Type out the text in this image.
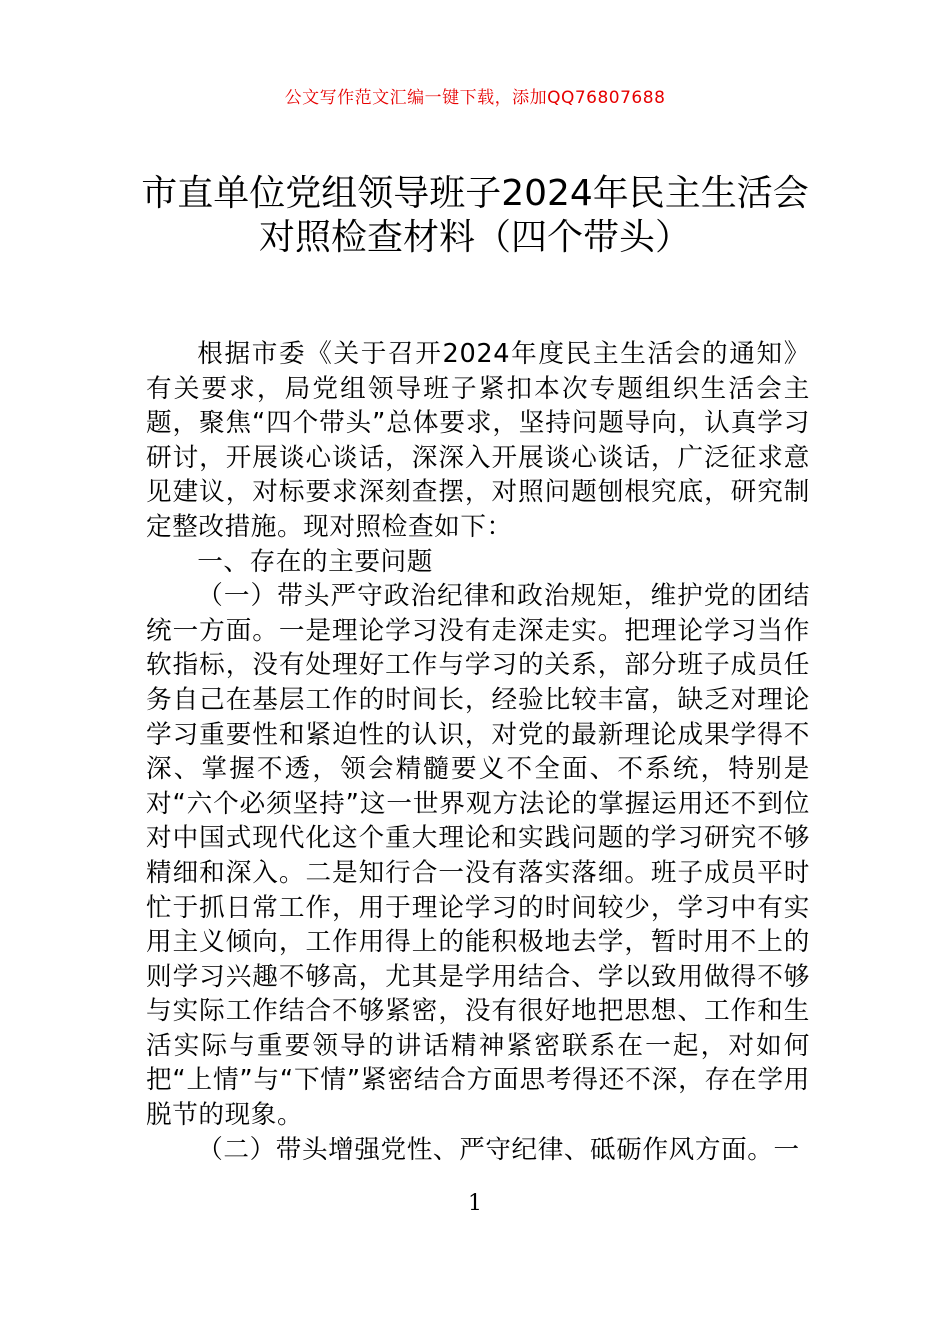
公文写作范文汇编一键下载，添加QQ76807688
市直单位党组领导班子2024年民主生活会
对照检查材料（四个带头）

根据市委《关于召开2024年度民主生活会的通知》有关要求，局党组领导班子紧扣本次专题组织生活会主题，聚焦“四个带头”总体要求，坚持问题导向，认真学习研讨，开展谈心谈话，深深入开展谈心谈话，广泛征求意见建议，对标要求深刻查摆，对照问题刨根究底，研究制定整改措施。现对照检查如下：

一、存在的主要问题

（一）带头严守政治纪律和政治规矩，维护党的团结统一方面。一是理论学习没有走深走实。把理论学习当作软指标，没有处理好工作与学习的关系，部分班子成员任务自己在基层工作的时间长，经验比较丰富，缺乏对理论学习重要性和紧迫性的认识，对党的最新理论成果学得不深、掌握不透，领会精髓要义不全面、不系统，特别是对“六个必须坚持”这一世界观方法论的掌握运用还不到位对中国式现代化这个重大理论和实践问题的学习研究不够精细和深入。二是知行合一没有落实落细。班子成员平时忙于抓日常工作，用于理论学习的时间较少，学习中有实用主义倾向，工作用得上的能积极地去学，暂时用不上的则学习兴趣不够高，尤其是学用结合、学以致用做得不够与实际工作结合不够紧密，没有很好地把思想、工作和生活实际与重要领导的讲话精神紧密联系在一起，对如何把“上情”与“下情”紧密结合方面思考得还不深，存在学用脱节的现象。

（二）带头增强党性、严守纪律、砥砺作风方面。一

1
